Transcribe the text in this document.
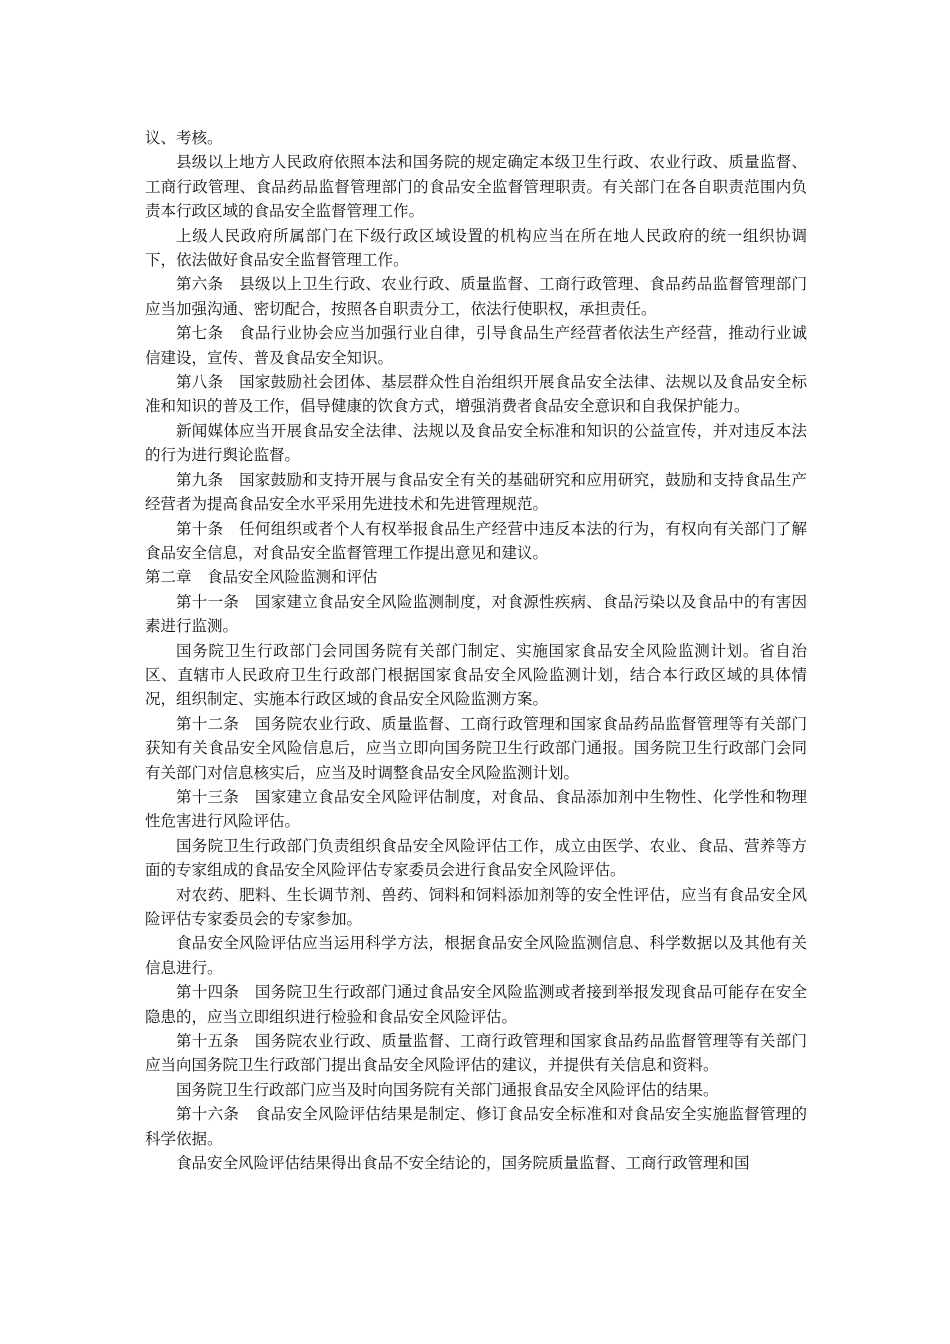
议、考核。

县级以上地方人民政府依照本法和国务院的规定确定本级卫生行政、农业行政、质量监督、工商行政管理、食品药品监督管理部门的食品安全监督管理职责。有关部门在各自职责范围内负责本行政区域的食品安全监督管理工作。

上级人民政府所属部门在下级行政区域设置的机构应当在所在地人民政府的统一组织协调下，依法做好食品安全监督管理工作。

第六条　县级以上卫生行政、农业行政、质量监督、工商行政管理、食品药品监督管理部门应当加强沟通、密切配合，按照各自职责分工，依法行使职权，承担责任。

第七条　食品行业协会应当加强行业自律，引导食品生产经营者依法生产经营，推动行业诚信建设，宣传、普及食品安全知识。

第八条　国家鼓励社会团体、基层群众性自治组织开展食品安全法律、法规以及食品安全标准和知识的普及工作，倡导健康的饮食方式，增强消费者食品安全意识和自我保护能力。

新闻媒体应当开展食品安全法律、法规以及食品安全标准和知识的公益宣传，并对违反本法的行为进行舆论监督。

第九条　国家鼓励和支持开展与食品安全有关的基础研究和应用研究，鼓励和支持食品生产经营者为提高食品安全水平采用先进技术和先进管理规范。

第十条　任何组织或者个人有权举报食品生产经营中违反本法的行为，有权向有关部门了解食品安全信息，对食品安全监督管理工作提出意见和建议。

第二章　食品安全风险监测和评估

第十一条　国家建立食品安全风险监测制度，对食源性疾病、食品污染以及食品中的有害因素进行监测。

国务院卫生行政部门会同国务院有关部门制定、实施国家食品安全风险监测计划。省自治区、直辖市人民政府卫生行政部门根据国家食品安全风险监测计划，结合本行政区域的具体情况，组织制定、实施本行政区域的食品安全风险监测方案。

第十二条　国务院农业行政、质量监督、工商行政管理和国家食品药品监督管理等有关部门获知有关食品安全风险信息后，应当立即向国务院卫生行政部门通报。国务院卫生行政部门会同有关部门对信息核实后，应当及时调整食品安全风险监测计划。

第十三条　国家建立食品安全风险评估制度，对食品、食品添加剂中生物性、化学性和物理性危害进行风险评估。

国务院卫生行政部门负责组织食品安全风险评估工作，成立由医学、农业、食品、营养等方面的专家组成的食品安全风险评估专家委员会进行食品安全风险评估。

对农药、肥料、生长调节剂、兽药、饲料和饲料添加剂等的安全性评估，应当有食品安全风险评估专家委员会的专家参加。

食品安全风险评估应当运用科学方法，根据食品安全风险监测信息、科学数据以及其他有关信息进行。

第十四条　国务院卫生行政部门通过食品安全风险监测或者接到举报发现食品可能存在安全隐患的，应当立即组织进行检验和食品安全风险评估。

第十五条　国务院农业行政、质量监督、工商行政管理和国家食品药品监督管理等有关部门应当向国务院卫生行政部门提出食品安全风险评估的建议，并提供有关信息和资料。

国务院卫生行政部门应当及时向国务院有关部门通报食品安全风险评估的结果。

第十六条　食品安全风险评估结果是制定、修订食品安全标准和对食品安全实施监督管理的科学依据。

食品安全风险评估结果得出食品不安全结论的，国务院质量监督、工商行政管理和国
